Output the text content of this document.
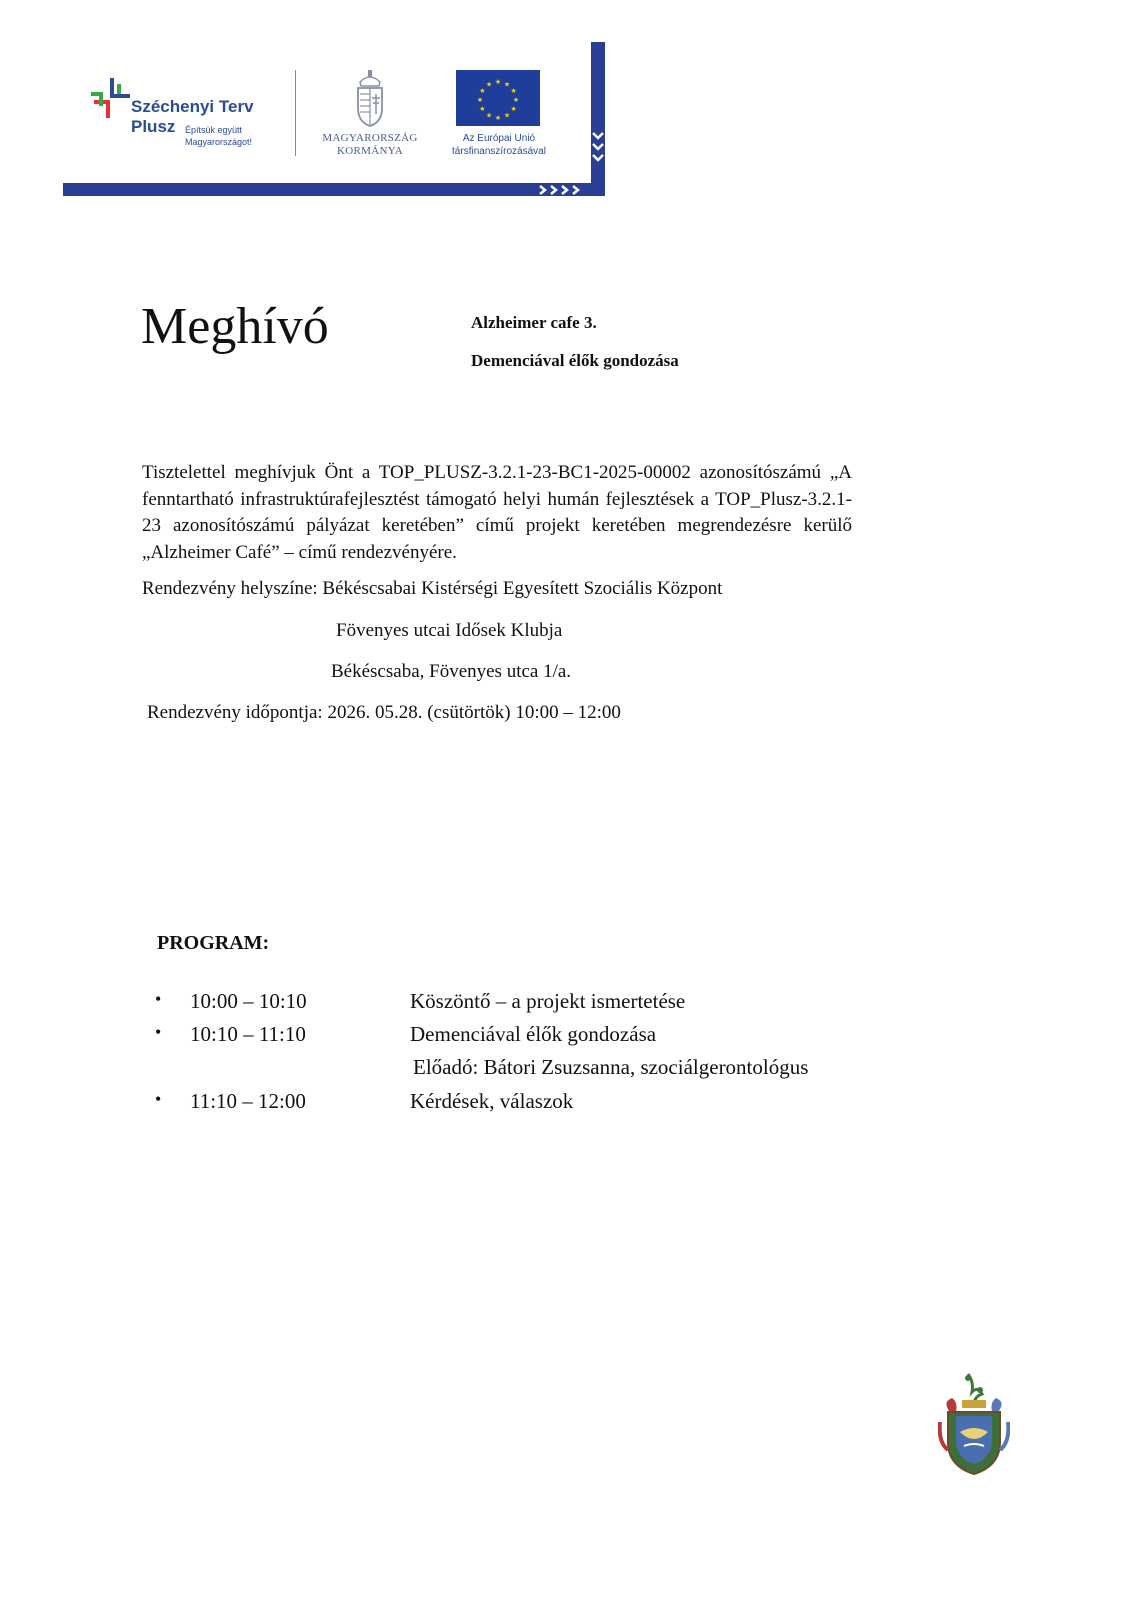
Széchenyi Terv
Plusz Építsük együtt
Magyarországot!	MAGYARORSZÁG
KORMÁNYA
★ ★
★
★
★
★
★
★
★
★
★
★
Az Európai Unió
társfinanszírozásával
Meghívó	Alzheimer cafe 3.
Demenciával élők gondozása
Tisztelettel meghívjuk Önt a TOP_PLUSZ-3.2.1-23-BC1-2025-00002 azonosítószámú „A fenntartható infrastruktúrafejlesztést támogató helyi humán fejlesztések a TOP_Plusz-3.2.1-23 azonosítószámú pályázat keretében” című projekt keretében megrendezésre kerülő „Alzheimer Café” – című rendezvényére.
Rendezvény helyszíne: Békéscsabai Kistérségi Egyesített Szociális Központ
Fövenyes utcai Idősek Klubja
Békéscsaba, Fövenyes utca 1/a.
Rendezvény időpontja: 2026. 05.28. (csütörtök) 10:00 – 12:00
PROGRAM:
• 10:00 – 10:10	Köszöntő – a projekt ismertetése
• 10:10 – 11:10	Demenciával élők gondozása
Előadó: Bátori Zsuzsanna, szociálgerontológus
• 11:10 – 12:00	Kérdések, válaszok
